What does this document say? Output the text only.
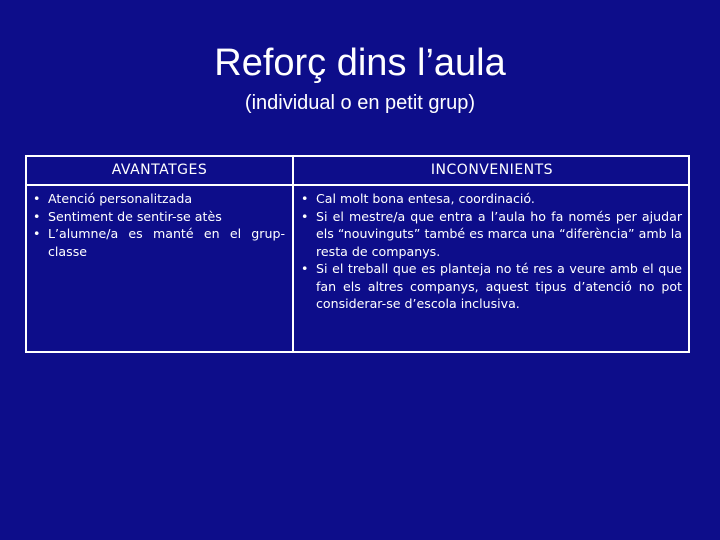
Reforç dins l’aula
(individual o en petit grup)
AVANTATGES	INCONVENIENTS
• Atenció personalitzada
• Sentiment de sentir-se atès
• L’alumne/a es manté en el grup-classe
• Cal molt bona entesa, coordinació.
• Si el mestre/a que entra a l’aula ho fa només per ajudar els “nouvinguts” també es marca una “diferència” amb la resta de companys.
• Si el treball que es planteja no té res a veure amb el que fan els altres companys, aquest tipus d’atenció no pot considerar-se d’escola inclusiva.
